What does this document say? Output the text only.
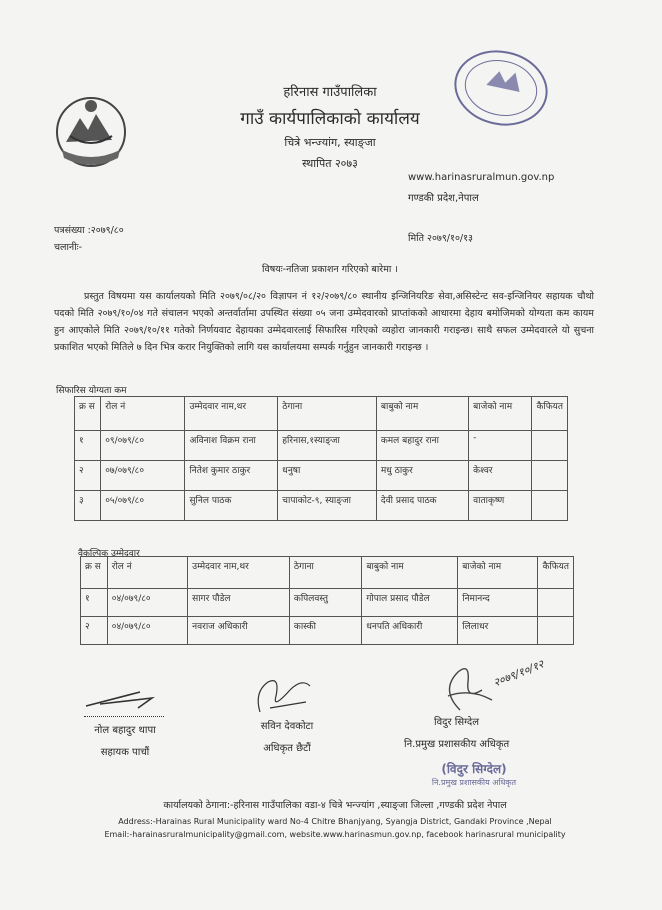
हरिनास गाउँपालिका
गाउँ कार्यपालिकाको कार्यालय
चित्रे भन्ज्यांग, स्याङ्जा
स्थापित २०७३
www.harinasruralmun.gov.np
गण्डकी प्रदेश,नेपाल
पत्रसंख्या :२०७९/८०
चलानीः-
मिति २०७९/१०/१३
विषयः-नतिजा प्रकाशन गरिएको बारेमा ।
प्रस्तुत विषयमा यस कार्यालयको मिति २०७९/०८/२० विज्ञापन नं १२/२०७९/८० स्थानीय इन्जिनियरिङ सेवा,असिस्टेन्ट सव-इन्जिनियर सहायक चौथो पदको मिति २०७९/१०/०४ गते संचालन भएको अन्तर्वार्तामा उपस्थित संख्या ०५ जना उम्मेदवारको प्राप्तांकको आधारमा देहाय बमोजिमको योग्यता कम कायम हुन आएकोले मिति २०७९/१०/११ गतेको निर्णयवाट देहायका उम्मेदवारलाई सिफारिस गरिएको व्यहोरा जानकारी गराइन्छ। साथै सफल उम्मेदवारले यो सुचना प्रकाशित भएको मितिले ७ दिन भित्र करार नियुक्तिको लागि यस कार्यालयमा सम्पर्क गर्नुहुन जानकारी गराइन्छ ।
सिफारिस योग्यता कम
क्र स	रोल नं	उम्मेदवार नाम,थर	ठेगाना	बाबुको नाम	बाजेको नाम	कैफियत
१	०९/०७९/८०	अविनाश विक्रम राना	हरिनास,१स्याङ्जा	कमल बहादुर राना	-	
२	०७/०७९/८०	नितेश कुमार ठाकुर	धनुषा	मधु ठाकुर	केश्वर	
३	०५/०७९/८०	सुनिल पाठक	चापाकोट-९, स्याङ्जा	देवी प्रसाद पाठक	वाताकृष्ण	
वैकल्पिक उम्मेदवार
क्र स	रोल नं	उम्मेदवार नाम,थर	ठेगाना	बाबुको नाम	बाजेको नाम	कैफियत
१	०४/०७९/८०	सागर पौडेल	कपिलवस्तु	गोपाल प्रसाद पौडेल	निमानन्द	
२	०४/०७९/८०	नवराज अधिकारी	कास्की	धनपति अधिकारी	लिलाधर	
२०७९/१०/१२
नोल बहादुर थापा
सहायक पाचौं
सविन देवकोटा
अधिकृत छैटौं
विदुर सिग्देल
नि.प्रमुख प्रशासकीय अधिकृत
(विदुर सिग्देल)
नि.प्रमुख प्रशासकीय अधिकृत
कार्यालयको ठेगाना:-हरिनास गाउँपालिका वडा-४ चित्रे भन्ज्यांग ,स्याङ्जा जिल्ला ,गण्डकी प्रदेश नेपाल
Address:-Harainas Rural Municipality ward No-4 Chitre Bhanjyang, Syangja District, Gandaki Province ,Nepal
Email:-harainasruralmunicipality@gmail.com, website.www.harinasmun.gov.np, facebook harinasrural municipality
